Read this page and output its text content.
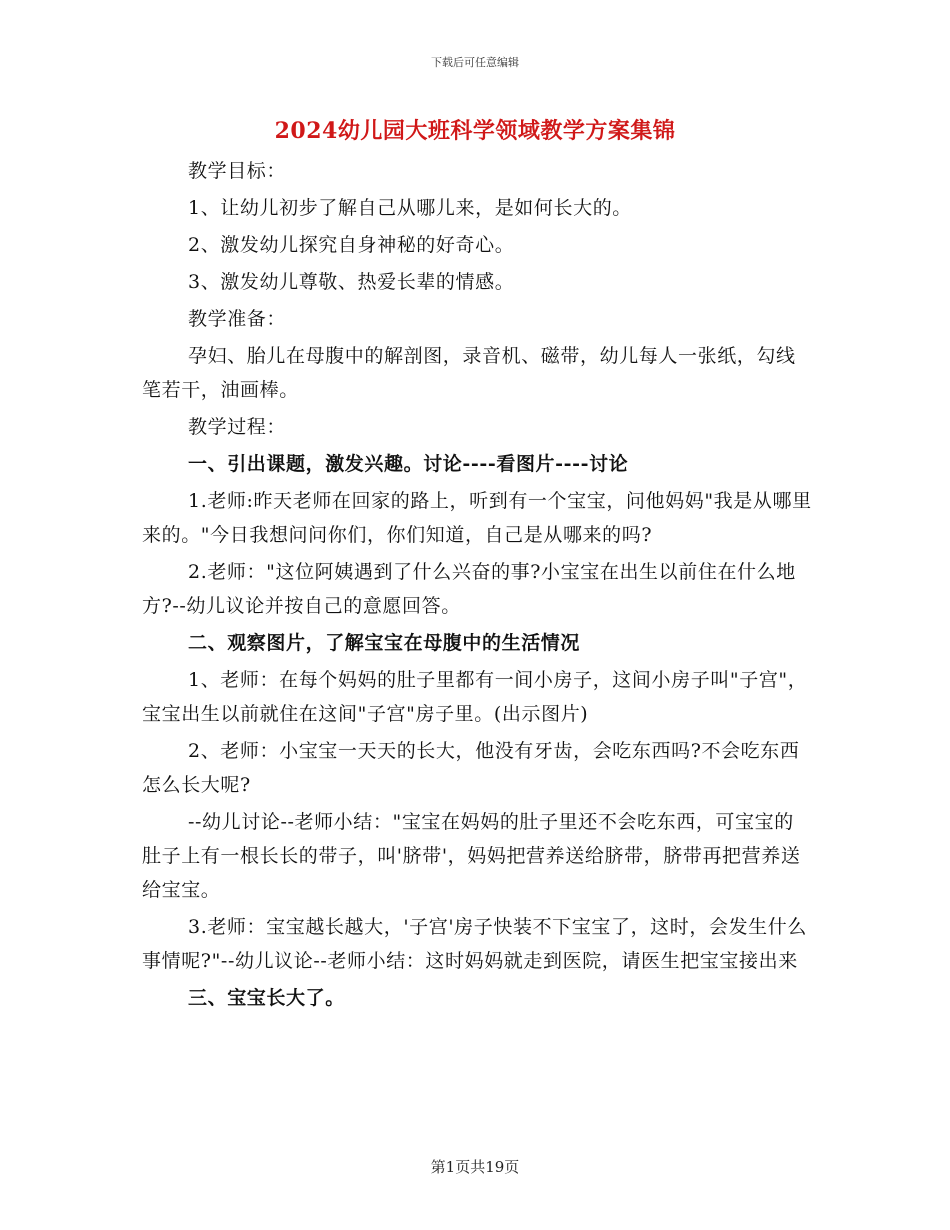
下载后可任意编辑
2024幼儿园大班科学领域教学方案集锦

教学目标：

1、让幼儿初步了解自己从哪儿来，是如何长大的。

2、激发幼儿探究自身神秘的好奇心。

3、激发幼儿尊敬、热爱长辈的情感。

教学准备：

孕妇、胎儿在母腹中的解剖图，录音机、磁带，幼儿每人一张纸，勾线笔若干，油画棒。

教学过程：

一、引出课题，激发兴趣。讨论----看图片----讨论

1.老师:昨天老师在回家的路上，听到有一个宝宝，问他妈妈"我是从哪里来的。"今日我想问问你们，你们知道，自己是从哪来的吗?

2.老师："这位阿姨遇到了什么兴奋的事?小宝宝在出生以前住在什么地方?--幼儿议论并按自己的意愿回答。

二、观察图片，了解宝宝在母腹中的生活情况

1、老师：在每个妈妈的肚子里都有一间小房子，这间小房子叫"子宫"，宝宝出生以前就住在这间"子宫"房子里。(出示图片)

2、老师：小宝宝一天天的长大，他没有牙齿，会吃东西吗?不会吃东西怎么长大呢?

--幼儿讨论--老师小结："宝宝在妈妈的肚子里还不会吃东西，可宝宝的肚子上有一根长长的带子，叫'脐带'，妈妈把营养送给脐带，脐带再把营养送给宝宝。

3.老师：宝宝越长越大，'子宫'房子快装不下宝宝了，这时，会发生什么事情呢?"--幼儿议论--老师小结：这时妈妈就走到医院，请医生把宝宝接出来

三、宝宝长大了。

第1页共19页
